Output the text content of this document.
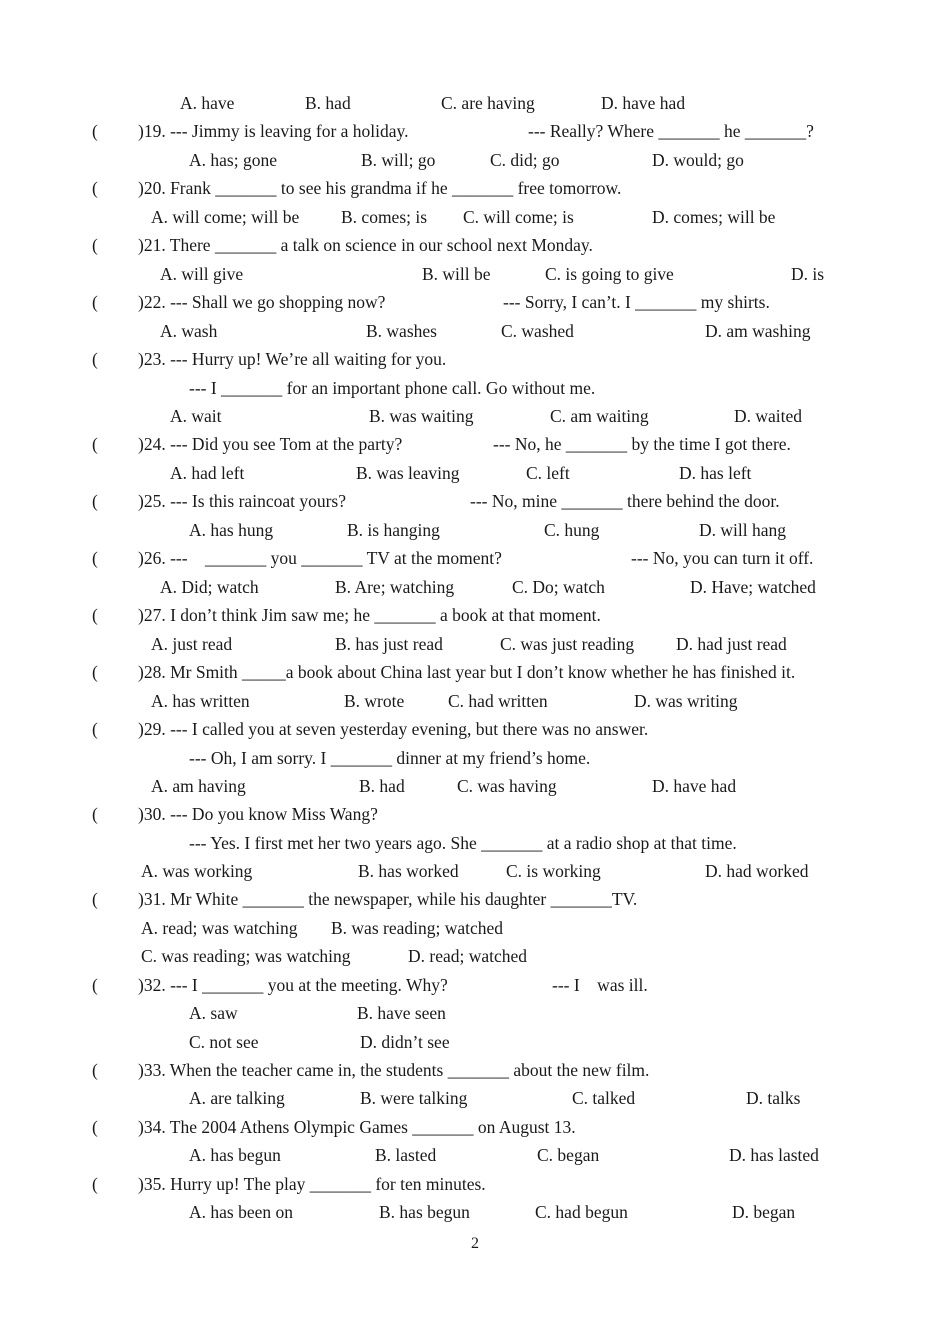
A. have	B. had	C. are having	D. have had
( )19. --- Jimmy is leaving for a holiday.	--- Really? Where _______ he _______?
A. has; gone	B. will; go	C. did; go	D. would; go
( )20. Frank _______ to see his grandma if he _______ free tomorrow.
A. will come; will be B. comes; is C. will come; is	D. comes; will be
( )21. There _______ a talk on science in our school next Monday.
A. will give	B. will be	C. is going to give	D. is
( )22. --- Shall we go shopping now?	--- Sorry, I can’t. I _______ my shirts.
A. wash	B. washes	C. washed	D. am washing
( )23. --- Hurry up! We’re all waiting for you.
--- I _______ for an important phone call. Go without me.
A. wait	B. was waiting	C. am waiting	D. waited
( )24. --- Did you see Tom at the party?	--- No, he _______ by the time I got there.
A. had left	B. was leaving	C. left	D. has left
( )25. --- Is this raincoat yours?	--- No, mine _______ there behind the door.
A. has hung	B. is hanging	C. hung	D. will hang
( )26. ---    _______ you _______ TV at the moment?	--- No, you can turn it off.
A. Did; watch	B. Are; watching	C. Do; watch	D. Have; watched
( )27. I don’t think Jim saw me; he _______ a book at that moment.
A. just read	B. has just read	C. was just reading D. had just read
( )28. Mr Smith _____a book about China last year but I don’t know whether he has finished it.
A. has written	B. wrote C. had written	D. was writing
( )29. --- I called you at seven yesterday evening, but there was no answer.
--- Oh, I am sorry. I _______ dinner at my friend’s home.
A. am having	B. had	C. was having	D. have had
( )30. --- Do you know Miss Wang?
--- Yes. I first met her two years ago. She _______ at a radio shop at that time.
A. was working	B. has worked	C. is working	D. had worked
( )31. Mr White _______ the newspaper, while his daughter _______TV.
A. read; was watching B. was reading; watched
C. was reading; was watching	D. read; watched
( )32. --- I _______ you at the meeting. Why?	--- I    was ill.
A. saw	B. have seen
C. not see	D. didn’t see
( )33. When the teacher came in, the students _______ about the new film.
A. are talking	B. were talking	C. talked	D. talks
( )34. The 2004 Athens Olympic Games _______ on August 13.
A. has begun	B. lasted	C. began	D. has lasted
( )35. Hurry up! The play _______ for ten minutes.
A. has been on	B. has begun	C. had begun	D. began
2
